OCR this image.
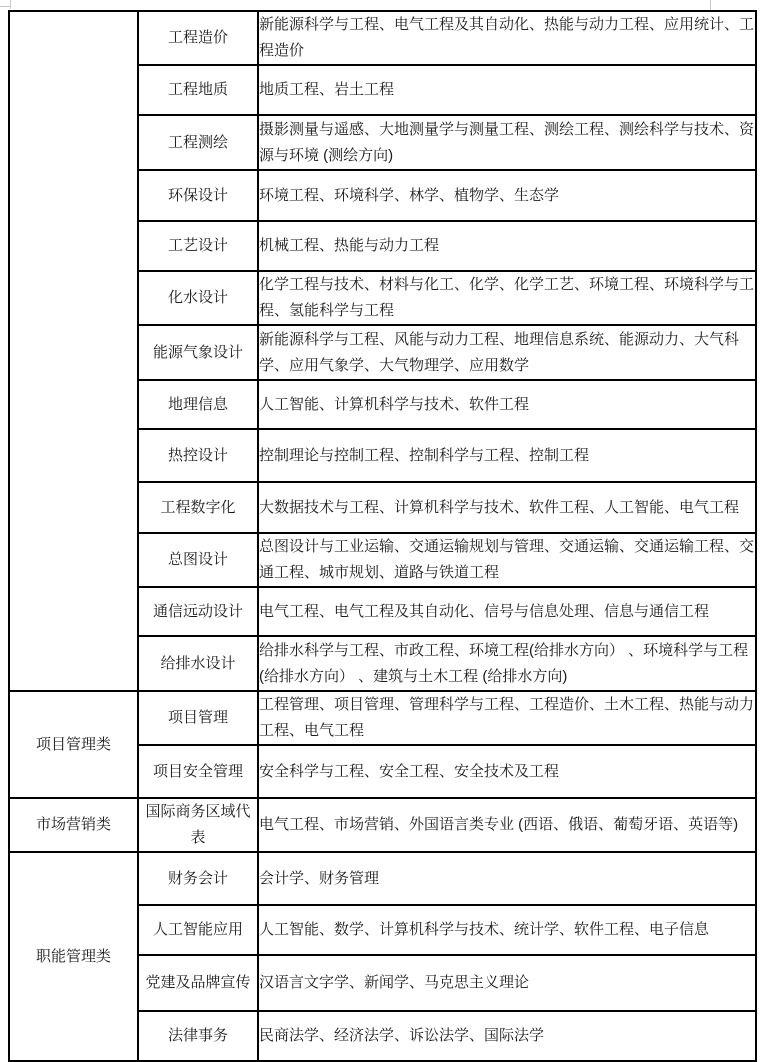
	工程造价	新能源科学与工程、电气工程及其自动化、热能与动力工程、应用统计、工程造价
	工程地质	地质工程、岩土工程
	工程测绘	摄影测量与遥感、大地测量学与测量工程、测绘工程、测绘科学与技术、资源与环境 (测绘方向)
	环保设计	环境工程、环境科学、林学、植物学、生态学
	工艺设计	机械工程、热能与动力工程
	化水设计	化学工程与技术、材料与化工、化学、化学工艺、环境工程、环境科学与工程、氢能科学与工程
	能源气象设计	新能源科学与工程、风能与动力工程、地理信息系统、能源动力、大气科学、应用气象学、大气物理学、应用数学
	地理信息	人工智能、计算机科学与技术、软件工程
	热控设计	控制理论与控制工程、控制科学与工程、控制工程
	工程数字化	大数据技术与工程、计算机科学与技术、软件工程、人工智能、电气工程
	总图设计	总图设计与工业运输、交通运输规划与管理、交通运输、交通运输工程、交通工程、城市规划、道路与铁道工程
	通信远动设计	电气工程、电气工程及其自动化、信号与信息处理、信息与通信工程
	给排水设计	给排水科学与工程、市政工程、环境工程(给排水方向） 、环境科学与工程(给排水方向） 、建筑与土木工程 (给排水方向)
项目管理类	项目管理	工程管理、项目管理、管理科学与工程、工程造价、土木工程、热能与动力工程、电气工程
	项目安全管理	安全科学与工程、安全工程、安全技术及工程
市场营销类	国际商务区域代表	电气工程、市场营销、外国语言类专业 (西语、俄语、葡萄牙语、英语等)
职能管理类	财务会计	会计学、财务管理
	人工智能应用	人工智能、数学、计算机科学与技术、统计学、软件工程、电子信息
	党建及品牌宣传	汉语言文字学、新闻学、马克思主义理论
	法律事务	民商法学、经济法学、诉讼法学、国际法学
